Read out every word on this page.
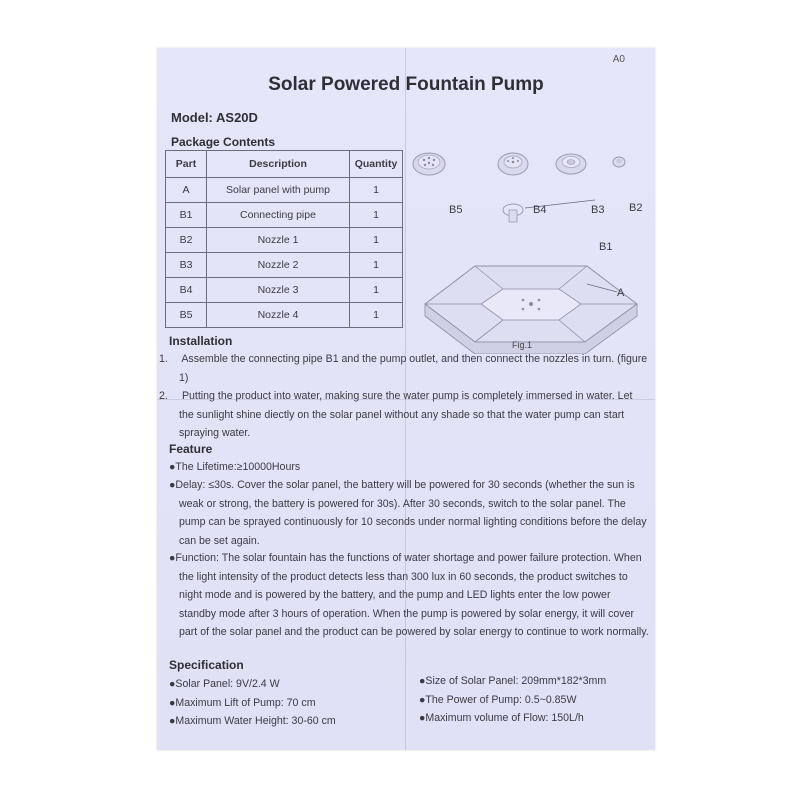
A0
Solar Powered Fountain Pump
Model: AS20D
Package Contents
Part	Description	Quantity
A	Solar panel with pump	1
B1	Connecting pipe	1
B2	Nozzle 1	1
B3	Nozzle 2	1
B4	Nozzle 3	1
B5	Nozzle 4	1
B5	B4	B3 B2
B1
A
Fig.1
Installation
1. Assemble the connecting pipe B1 and the pump outlet, and then connect the nozzles in turn. (figure 1)
2. Putting the product into water, making sure the water pump is completely immersed in water. Let the sunlight shine diectly on the solar panel without any shade so that the water pump can start spraying water.
Feature
●The Lifetime:≥10000Hours
●Delay: ≤30s. Cover the solar panel, the battery will be powered for 30 seconds (whether the sun is weak or strong, the battery is powered for 30s). After 30 seconds, switch to the solar panel. The pump can be sprayed continuously for 10 seconds under normal lighting conditions before the delay can be set again.
●Function: The solar fountain has the functions of water shortage and power failure protection. When the light intensity of the product detects less than 300 lux in 60 seconds, the product switches to night mode and is powered by the battery, and the pump and LED lights enter the low power standby mode after 3 hours of operation. When the pump is powered by solar energy, it will cover part of the solar panel and the product can be powered by solar energy to continue to work normally.
Specification
●Solar Panel: 9V/2.4 W
●Maximum Lift of Pump: 70 cm
●Maximum Water Height: 30-60 cm
●Size of Solar Panel: 209mm*182*3mm
●The Power of Pump: 0.5~0.85W
●Maximum volume of Flow: 150L/h
